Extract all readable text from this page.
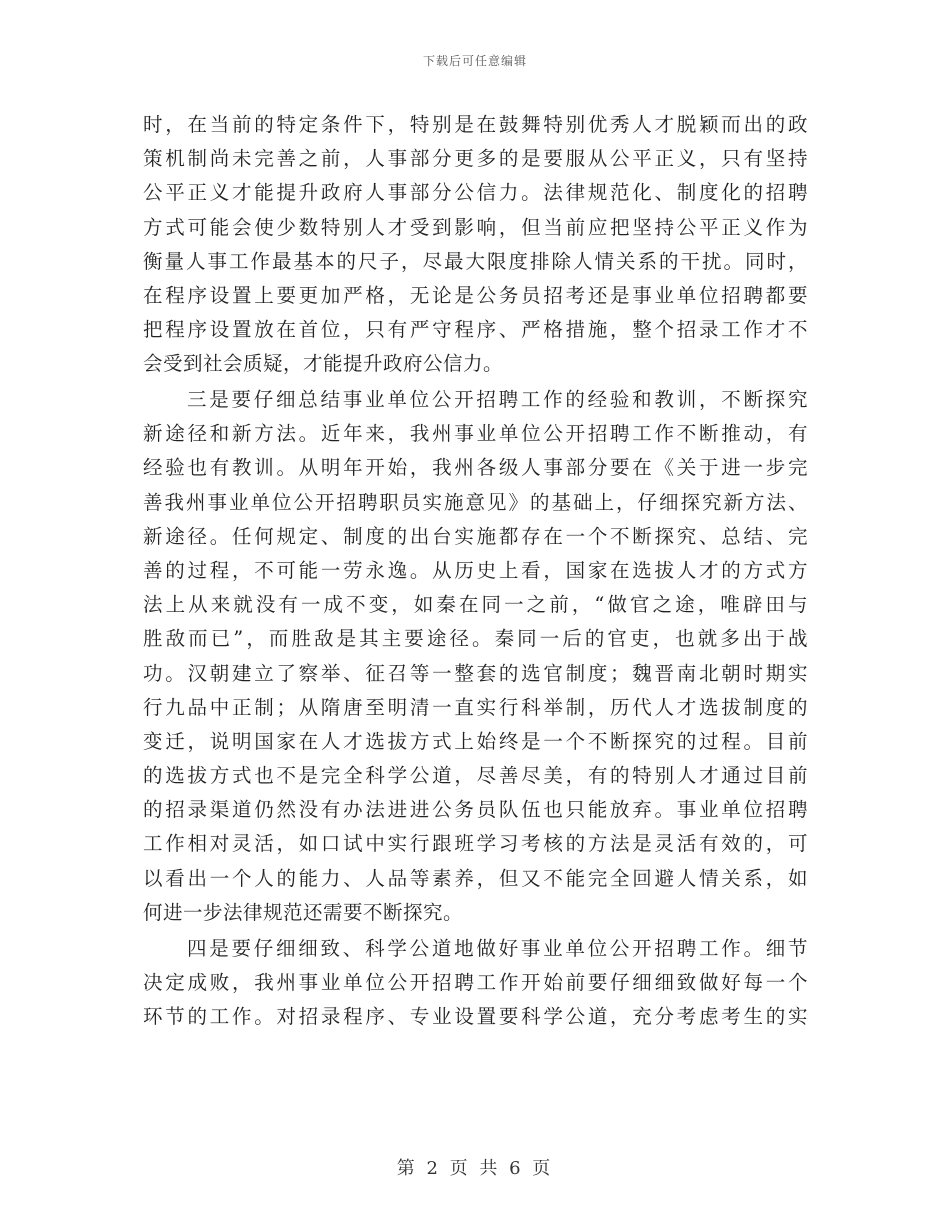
下载后可任意编辑
时，在当前的特定条件下，特别是在鼓舞特别优秀人才脱颖而出的政
策机制尚未完善之前，人事部分更多的是要服从公平正义，只有坚持
公平正义才能提升政府人事部分公信力。法律规范化、制度化的招聘
方式可能会使少数特别人才受到影响，但当前应把坚持公平正义作为
衡量人事工作最基本的尺子，尽最大限度排除人情关系的干扰。同时，
在程序设置上要更加严格，无论是公务员招考还是事业单位招聘都要
把程序设置放在首位，只有严守程序、严格措施，整个招录工作才不
会受到社会质疑，才能提升政府公信力。
三是要仔细总结事业单位公开招聘工作的经验和教训，不断探究
新途径和新方法。近年来，我州事业单位公开招聘工作不断推动，有
经验也有教训。从明年开始，我州各级人事部分要在《关于进一步完
善我州事业单位公开招聘职员实施意见》的基础上，仔细探究新方法、
新途径。任何规定、制度的出台实施都存在一个不断探究、总结、完
善的过程，不可能一劳永逸。从历史上看，国家在选拔人才的方式方
法上从来就没有一成不变，如秦在同一之前，“做官之途，唯辟田与
胜敌而已”，而胜敌是其主要途径。秦同一后的官吏，也就多出于战
功。汉朝建立了察举、征召等一整套的选官制度；魏晋南北朝时期实
行九品中正制；从隋唐至明清一直实行科举制，历代人才选拔制度的
变迁，说明国家在人才选拔方式上始终是一个不断探究的过程。目前
的选拔方式也不是完全科学公道，尽善尽美，有的特别人才通过目前
的招录渠道仍然没有办法进进公务员队伍也只能放弃。事业单位招聘
工作相对灵活，如口试中实行跟班学习考核的方法是灵活有效的，可
以看出一个人的能力、人品等素养，但又不能完全回避人情关系，如
何进一步法律规范还需要不断探究。
四是要仔细细致、科学公道地做好事业单位公开招聘工作。细节
决定成败，我州事业单位公开招聘工作开始前要仔细细致做好每一个
环节的工作。对招录程序、专业设置要科学公道，充分考虑考生的实
第 2 页 共 6 页
